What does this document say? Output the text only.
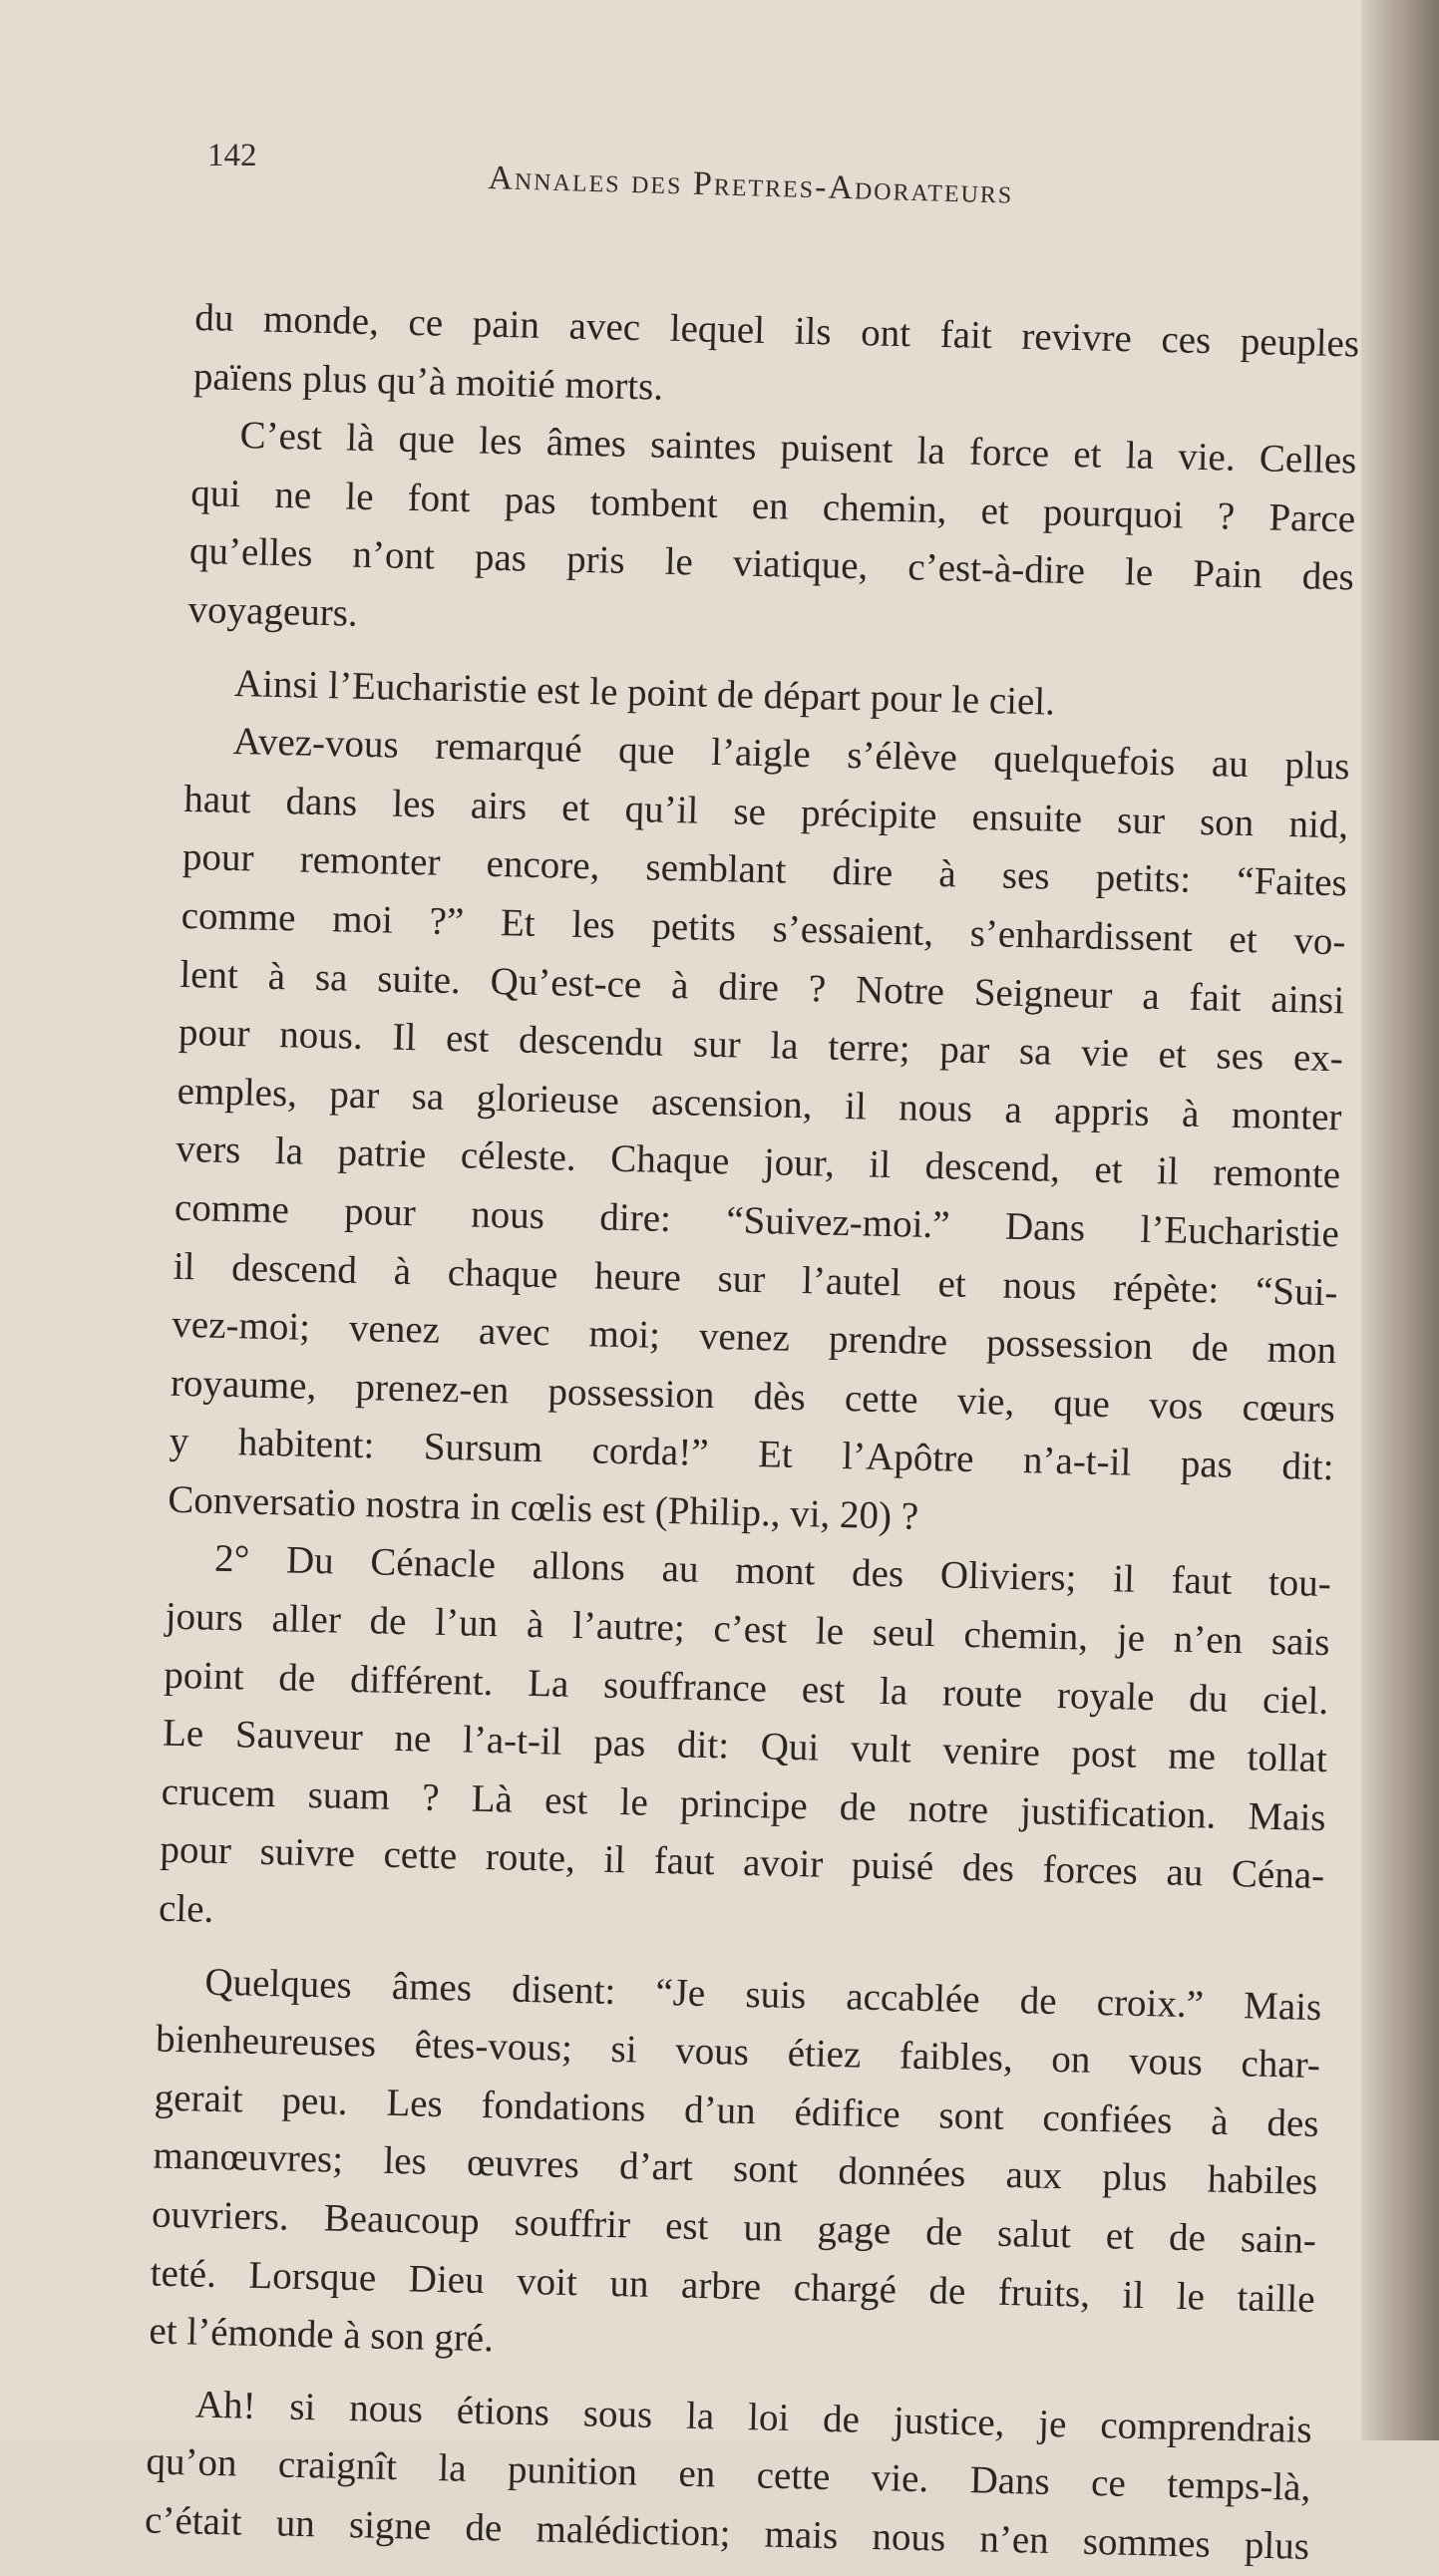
142
Annales des Pretres-Adorateurs
du monde, ce pain avec lequel ils ont fait revivre ces peuples
païens plus qu’à moitié morts.
C’est là que les âmes saintes puisent la force et la vie. Celles
qui ne le font pas tombent en chemin, et pourquoi ? Parce
qu’elles n’ont pas pris le viatique, c’est-à-dire le Pain des
voyageurs.
Ainsi l’Eucharistie est le point de départ pour le ciel.
Avez-vous remarqué que l’aigle s’élève quelquefois au plus
haut dans les airs et qu’il se précipite ensuite sur son nid,
pour remonter encore, semblant dire à ses petits: “Faites
comme moi ?” Et les petits s’essaient, s’enhardissent et vo-
lent à sa suite. Qu’est-ce à dire ? Notre Seigneur a fait ainsi
pour nous. Il est descendu sur la terre; par sa vie et ses ex-
emples, par sa glorieuse ascension, il nous a appris à monter
vers la patrie céleste. Chaque jour, il descend, et il remonte
comme pour nous dire: “Suivez-moi.” Dans l’Eucharistie
il descend à chaque heure sur l’autel et nous répète: “Sui-
vez-moi; venez avec moi; venez prendre possession de mon
royaume, prenez-en possession dès cette vie, que vos cœurs
y habitent: Sursum corda!” Et l’Apôtre n’a-t-il pas dit:
Conversatio nostra in cœlis est (Philip., vi, 20) ?
2° Du Cénacle allons au mont des Oliviers; il faut tou-
jours aller de l’un à l’autre; c’est le seul chemin, je n’en sais
point de différent. La souffrance est la route royale du ciel.
Le Sauveur ne l’a-t-il pas dit: Qui vult venire post me tollat
crucem suam ? Là est le principe de notre justification. Mais
pour suivre cette route, il faut avoir puisé des forces au Céna-
cle.
Quelques âmes disent: “Je suis accablée de croix.” Mais
bienheureuses êtes-vous; si vous étiez faibles, on vous char-
gerait peu. Les fondations d’un édifice sont confiées à des
manœuvres; les œuvres d’art sont données aux plus habiles
ouvriers. Beaucoup souffrir est un gage de salut et de sain-
teté. Lorsque Dieu voit un arbre chargé de fruits, il le taille
et l’émonde à son gré.
Ah! si nous étions sous la loi de justice, je comprendrais
qu’on craignît la punition en cette vie. Dans ce temps-là,
c’était un signe de malédiction; mais nous n’en sommes plus
